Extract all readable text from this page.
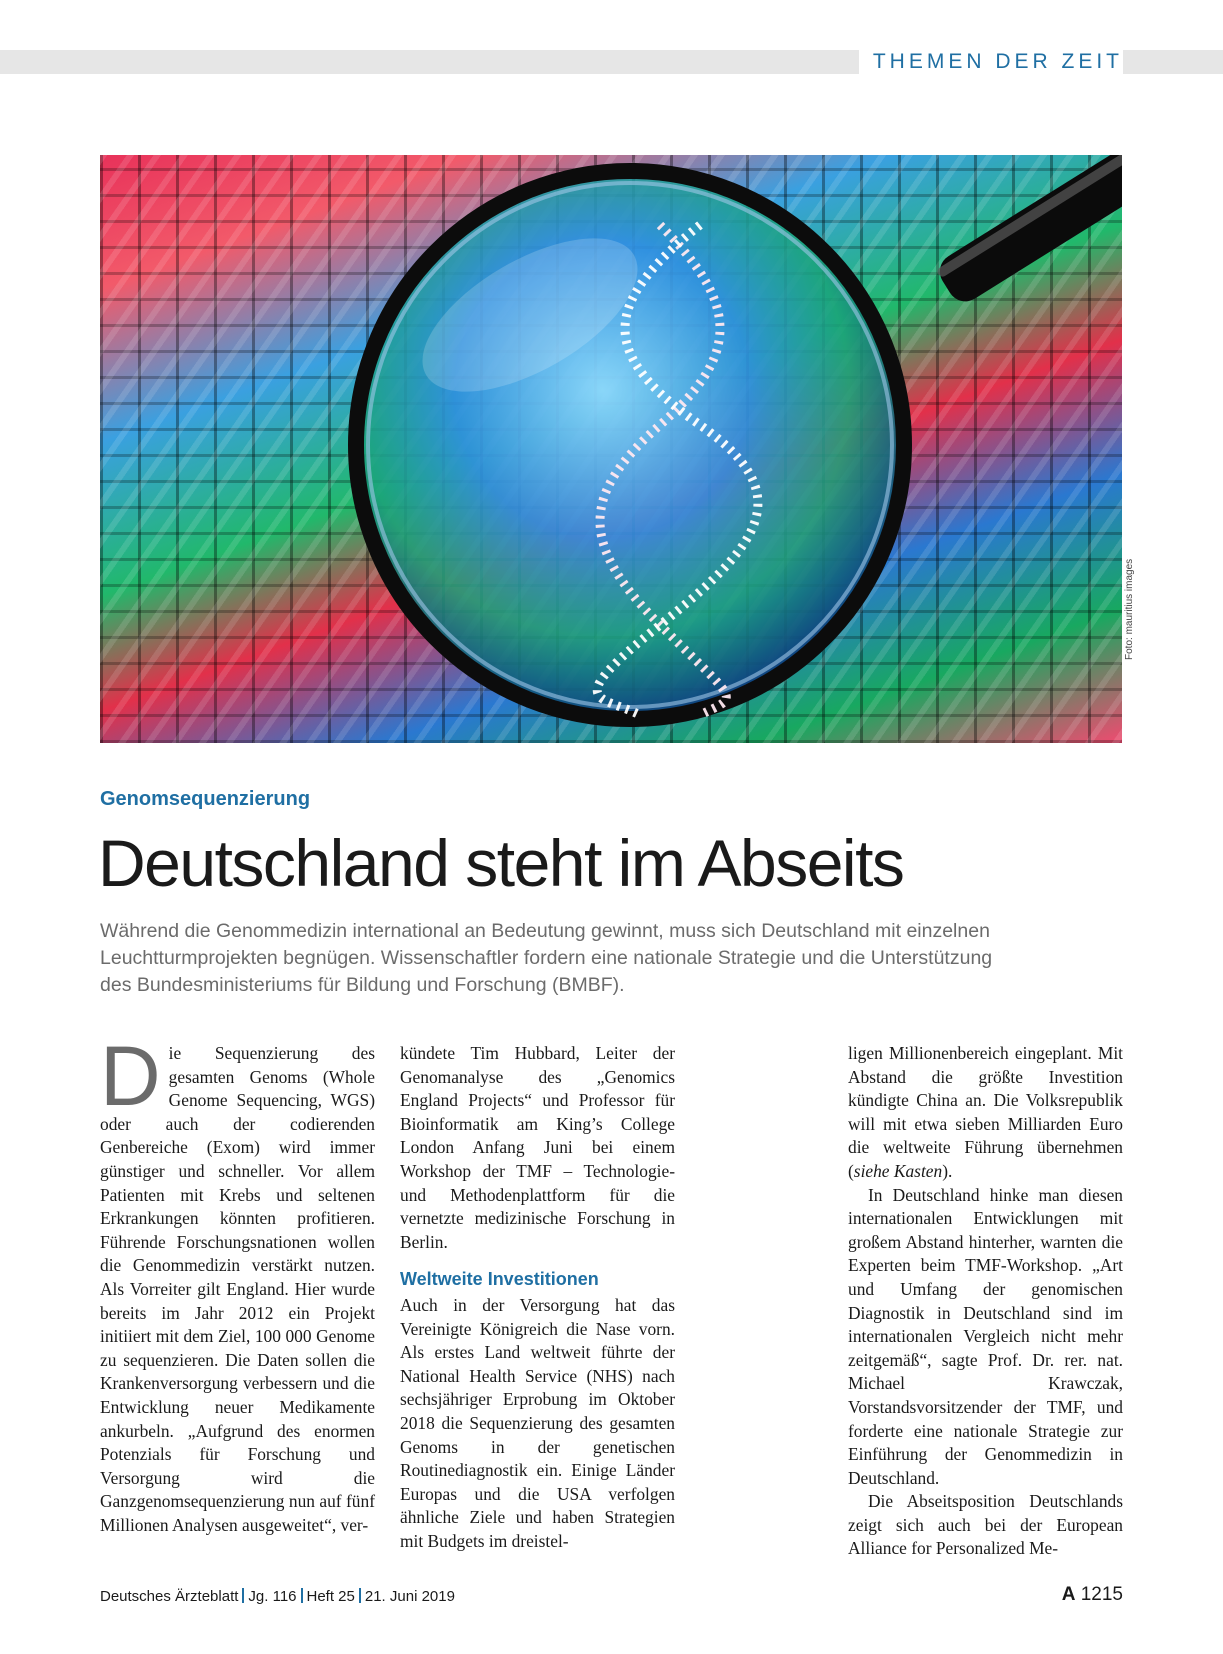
THEMEN DER ZEIT
Foto: mauritius images
Genomsequenzierung
Deutschland steht im Abseits

Während die Genommedizin international an Bedeutung gewinnt, muss sich Deutschland mit einzelnen Leuchtturmprojekten begnügen. Wissenschaftler fordern eine nationale Strategie und die Unterstützung des Bundesministeriums für Bildung und Forschung (BMBF).

D ie Sequenzierung des gesamten Genoms (Whole Genome Sequencing, WGS) oder auch der codierenden Genbereiche (Exom) wird immer günstiger und schneller. Vor allem Patienten mit Krebs und seltenen Erkrankungen könnten profitieren. Führende Forschungsnationen wollen die Genommedizin verstärkt nutzen. Als Vorreiter gilt England. Hier wurde bereits im Jahr 2012 ein Projekt initiiert mit dem Ziel, 100 000 Genome zu sequenzieren. Die Daten sollen die Krankenversorgung verbessern und die Entwicklung neuer Medikamente ankurbeln. „Aufgrund des enormen Potenzials für Forschung und Versorgung wird die Ganzgenomsequenzierung nun auf fünf Millionen Analysen ausgeweitet“, ver-

kündete Tim Hubbard, Leiter der Genomanalyse des „Genomics England Projects“ und Professor für Bioinformatik am King’s College London Anfang Juni bei einem Workshop der TMF – Technologie- und Methodenplattform für die vernetzte medizinische Forschung in Berlin.

Weltweite Investitionen

Auch in der Versorgung hat das Vereinigte Königreich die Nase vorn. Als erstes Land weltweit führte der National Health Service (NHS) nach sechsjähriger Erprobung im Oktober 2018 die Sequenzierung des gesamten Genoms in der genetischen Routinediagnostik ein. Einige Länder Europas und die USA verfolgen ähnliche Ziele und haben Strategien mit Budgets im dreistel-

ligen Millionenbereich eingeplant. Mit Abstand die größte Investition kündigte China an. Die Volksrepublik will mit etwa sieben Milliarden Euro die weltweite Führung übernehmen (siehe Kasten).

In Deutschland hinke man diesen internationalen Entwicklungen mit großem Abstand hinterher, warnten die Experten beim TMF-Workshop. „Art und Umfang der genomischen Diagnostik in Deutschland sind im internationalen Vergleich nicht mehr zeitgemäß“, sagte Prof. Dr. rer. nat. Michael Krawczak, Vorstandsvorsitzender der TMF, und forderte eine nationale Strategie zur Einführung der Genommedizin in Deutschland.

Die Abseitsposition Deutschlands zeigt sich auch bei der European Alliance for Personalized Me-

Deutsches Ärzteblatt Jg. 116 Heft 25 21. Juni 2019	A 1215
